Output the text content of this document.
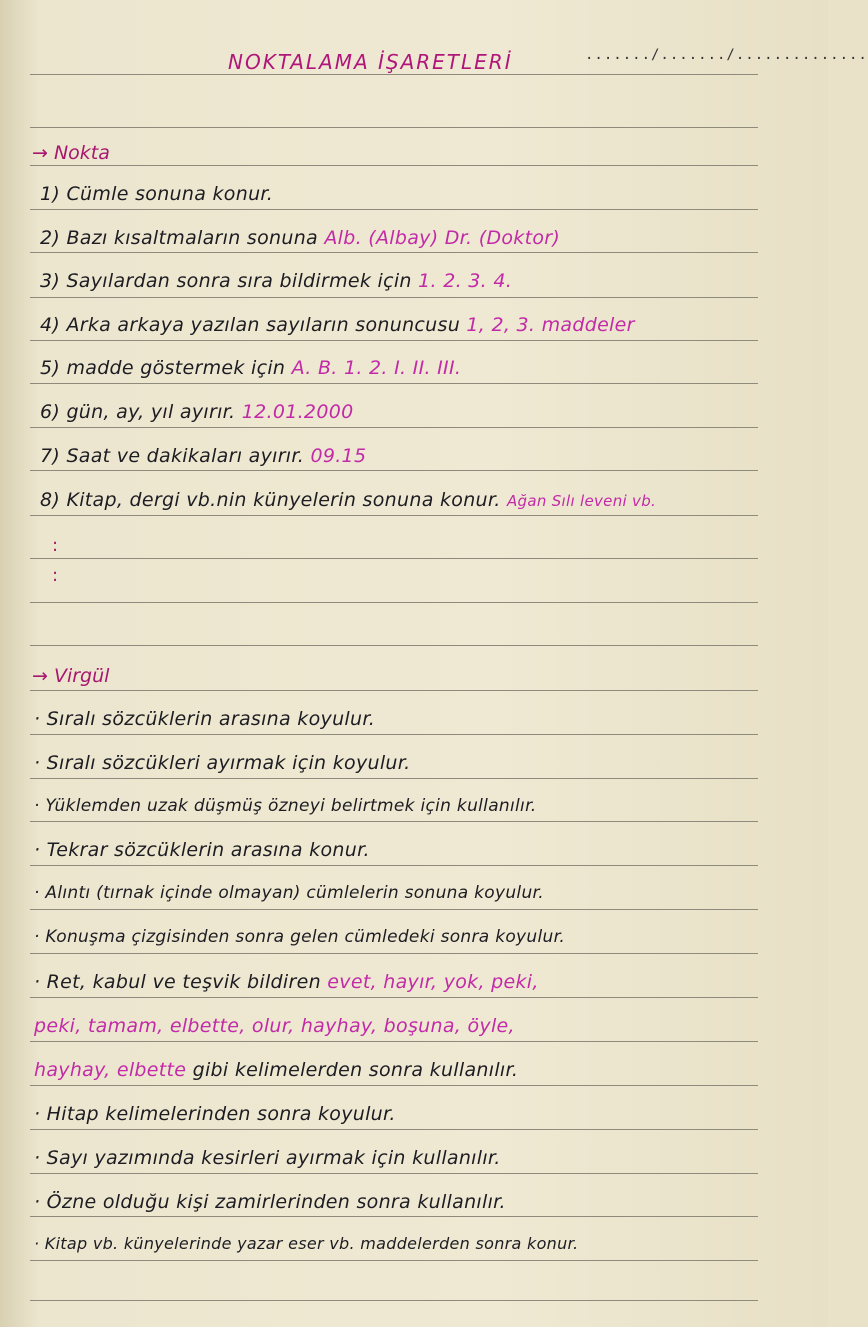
NOKTALAMA İŞARETLERİ	......./......./..............
→ Nokta
1) Cümle sonuna konur.
2) Bazı kısaltmaların sonuna Alb. (Albay) Dr. (Doktor)
3) Sayılardan sonra sıra bildirmek için 1. 2. 3. 4.
4) Arka arkaya yazılan sayıların sonuncusu 1, 2, 3. maddeler
5) madde göstermek için A. B. 1. 2. I. II. III.
6) gün, ay, yıl ayırır. 12.01.2000
7) Saat ve dakikaları ayırır. 09.15
8) Kitap, dergi vb.nin künyelerin sonuna konur. Ağan Sılı leveni vb.
:
:
→ Virgül
· Sıralı sözcüklerin arasına koyulur.
· Sıralı sözcükleri ayırmak için koyulur.
· Yüklemden uzak düşmüş özneyi belirtmek için kullanılır.
· Tekrar sözcüklerin arasına konur.
· Alıntı (tırnak içinde olmayan) cümlelerin sonuna koyulur.
· Konuşma çizgisinden sonra gelen cümledeki sonra koyulur.
· Ret, kabul ve teşvik bildiren evet, hayır, yok, peki,
peki, tamam, elbette, olur, hayhay, boşuna, öyle,
hayhay, elbette gibi kelimelerden sonra kullanılır.
· Hitap kelimelerinden sonra koyulur.
· Sayı yazımında kesirleri ayırmak için kullanılır.
· Özne olduğu kişi zamirlerinden sonra kullanılır.
· Kitap vb. künyelerinde yazar eser vb. maddelerden sonra konur.
